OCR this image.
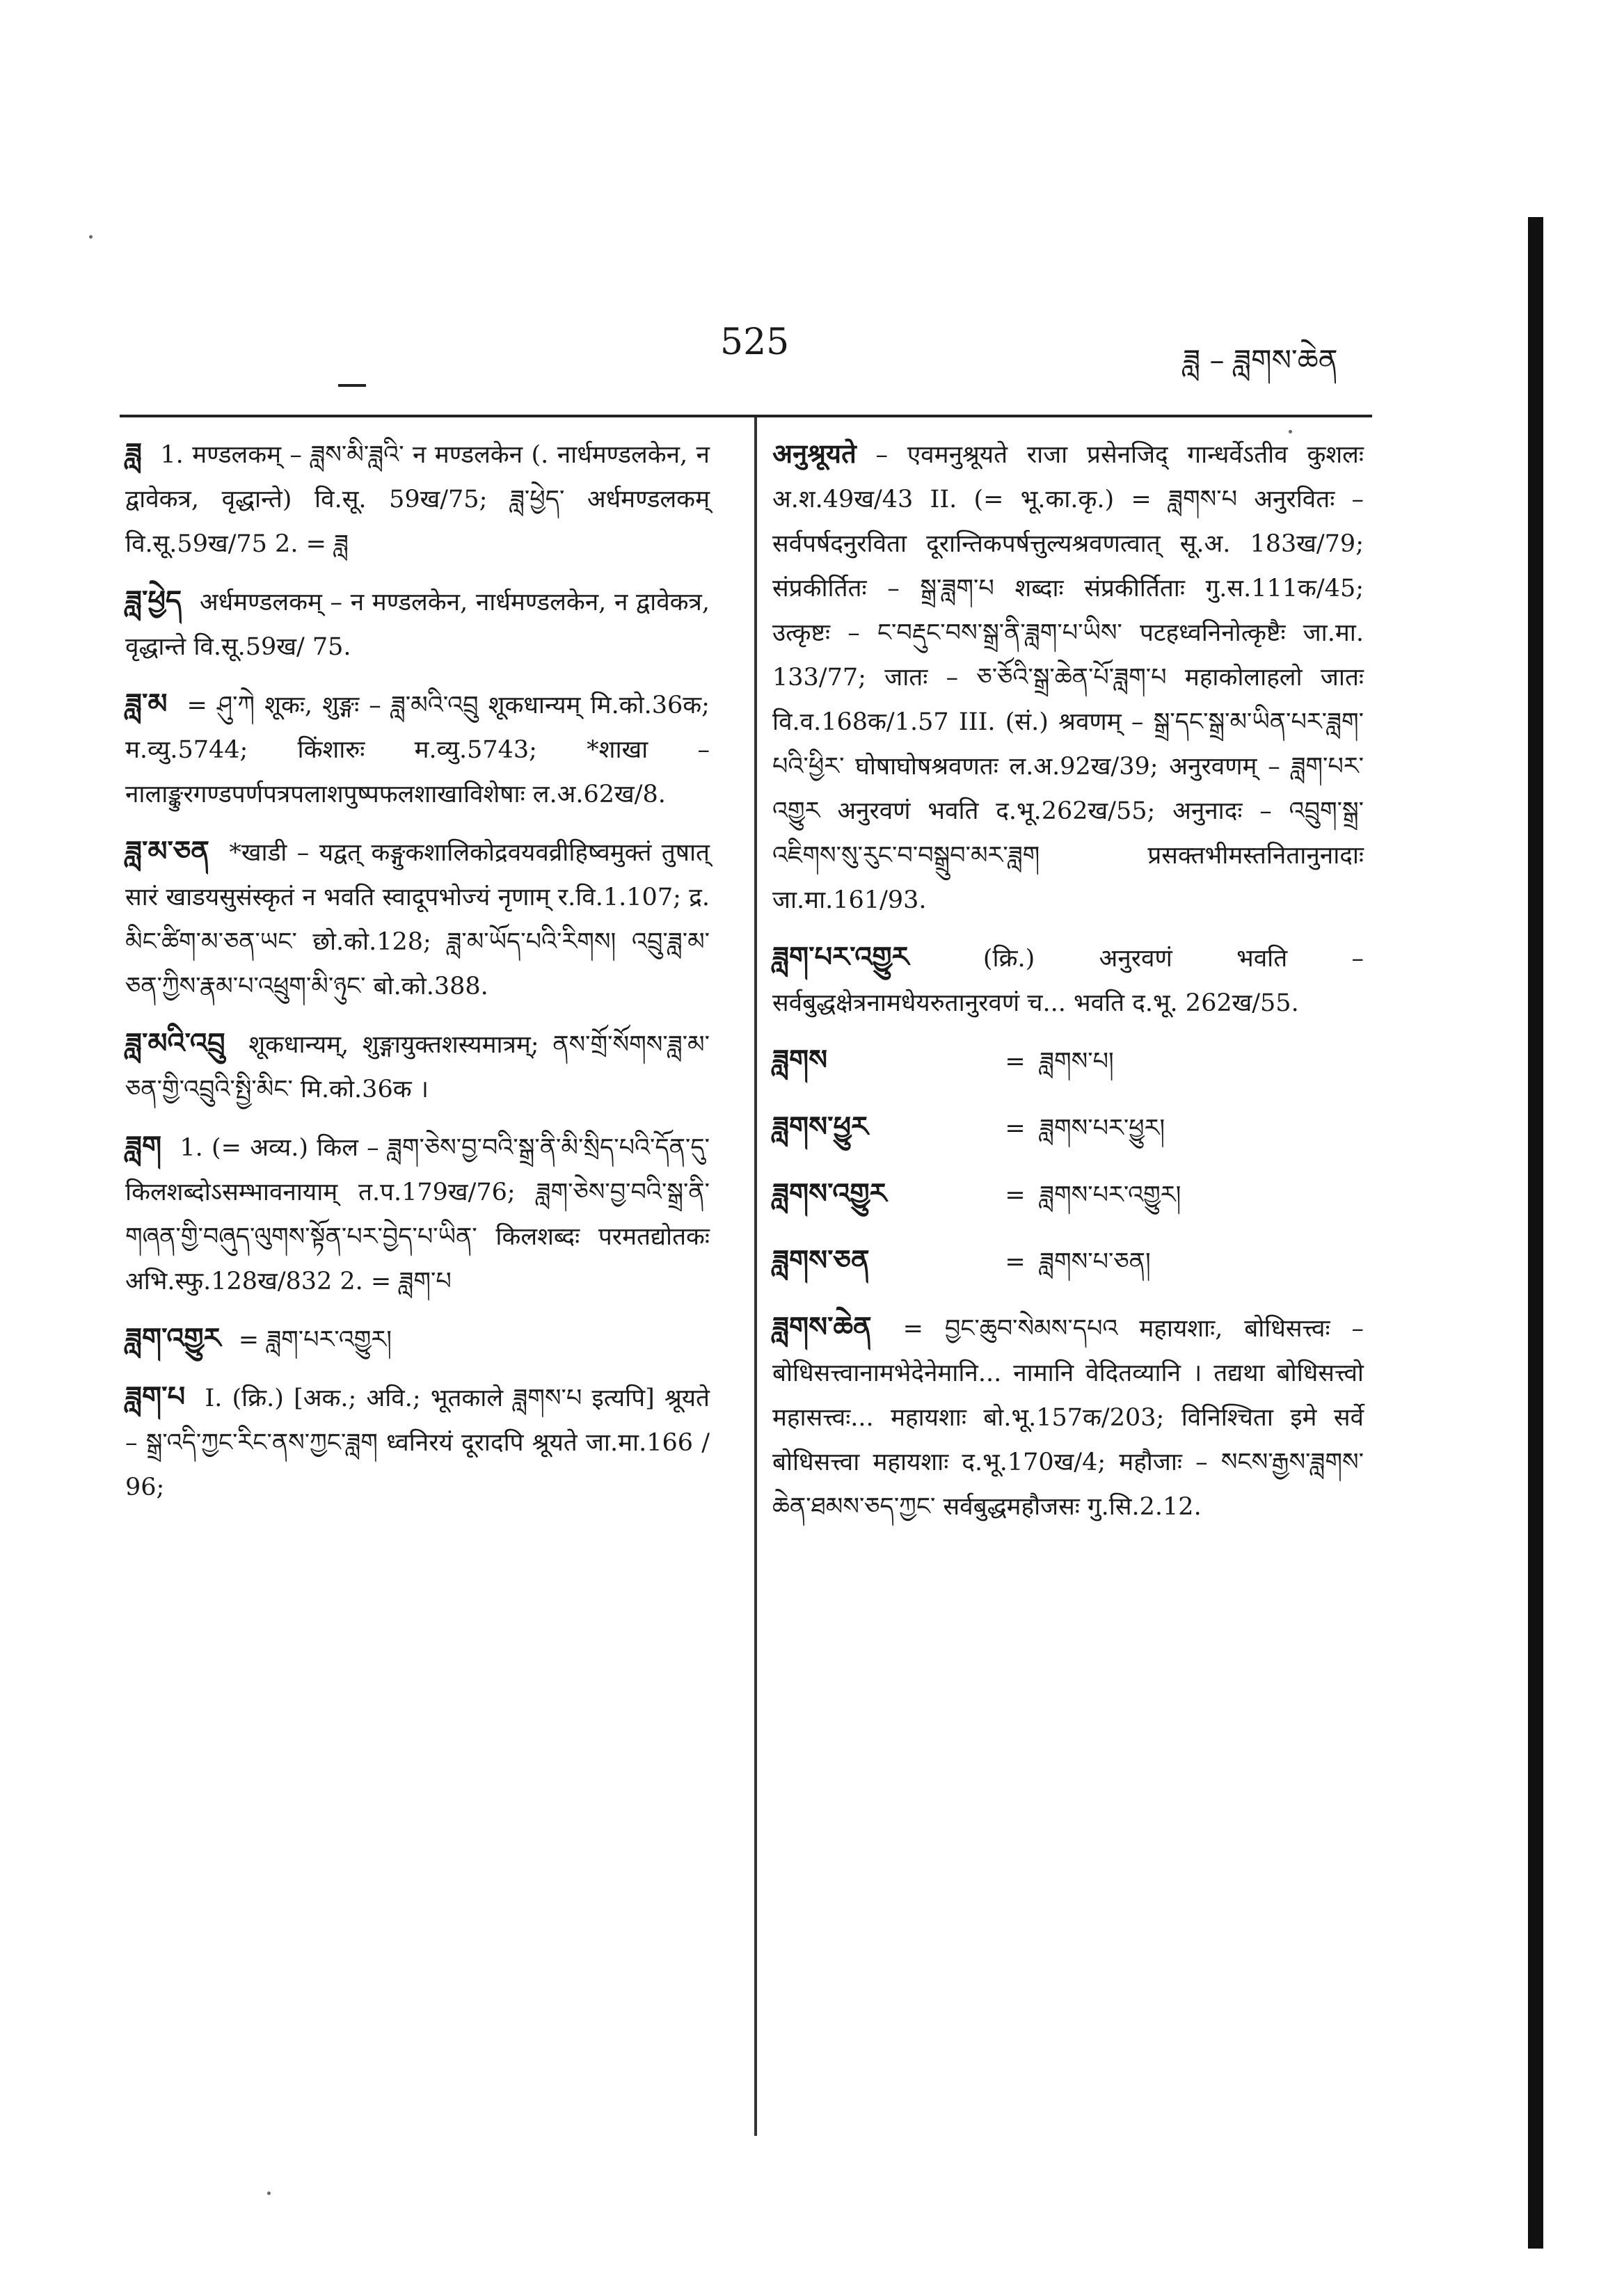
525	ཟླ – ཟླགས་ཆེན
ཟླ 1. मण्डलकम् – ཟླས་མི་ཟླའི་ न मण्डलकेन (. नार्धमण्डलकेन, न द्वावेकत्र, वृद्धान्ते) वि.सू. 59ख/75; ཟླ་ཕྱེད་ अर्धमण्डलकम् वि.सू.59ख/75 2. = ཟླ
ཟླ་ཕྱེད अर्धमण्डलकम् – न मण्डलकेन, नार्धमण्डलकेन, न द्वावेकत्र, वृद्धान्ते वि.सू.59ख/ 75.
ཟླ་མ = ཤུ་ཀེ शूकः, शुङ्गः – ཟླ་མའི་འབྲུ शूकधान्यम् मि.को.36क; म.व्यु.5744; किंशारुः म.व्यु.5743; *शाखा – नालाङ्कुरगण्डपर्णपत्रपलाशपुष्पफलशाखाविशेषाः ल.अ.62ख/8.
ཟླ་མ་ཅན *खाडी – यद्वत् कङ्गुकशालिकोद्रवयवव्रीहिष्वमुक्तं तुषात् सारं खाडयसुसंस्कृतं न भवति स्वादूपभोज्यं नृणाम् र.वि.1.107; द्र. མིང་ཚིག་མ་ཅན་ཡང་ छो.को.128; ཟླ་མ་ཡོད་པའི་རིགས། འབྲུ་ཟླ་མ་ཅན་ཀྱིས་རྣམ་པ་འཕྲུག་མི་ཉུང་ बो.को.388.
ཟླ་མའི་འབྲུ शूकधान्यम्, शुङ्गायुक्तशस्यमात्रम्; ནས་གྲོ་སོགས་ཟླ་མ་ཅན་གྱི་འབྲུའི་སྤྱི་མིང་ मि.को.36क ।
ཟླག 1. (= अव्य.) किल – ཟླག་ཅེས་བྱ་བའི་སྒྲ་ནི་མི་སྲིད་པའི་དོན་དུ་ किलशब्दोऽसम्भावनायाम् त.प.179ख/76; ཟླག་ཅེས་བྱ་བའི་སྒྲ་ནི་གཞན་གྱི་བཞུད་ལུགས་སྟོན་པར་བྱེད་པ་ཡིན་ किलशब्दः परमतद्योतकः अभि.स्फु.128ख/832 2. = ཟླག་པ
ཟླག་འགྱུར = ཟླག་པར་འགྱུར།
ཟླག་པ I. (क्रि.) [अक.; अवि.; भूतकाले ཟླགས་པ इत्यपि] श्रूयते – སྒྲ་འདི་ཀྱང་རིང་ནས་ཀྱང་ཟླག ध्वनिरयं दूरादपि श्रूयते जा.मा.166 / 96;
अनुश्रूयते – एवमनुश्रूयते राजा प्रसेनजिद् गान्धर्वेऽतीव कुशलः अ.श.49ख/43 II. (= भू.का.कृ.) = ཟླགས་པ अनुरवितः – सर्वपर्षदनुरविता दूरान्तिकपर्षत्तुल्यश्रवणत्वात् सू.अ. 183ख/79; संप्रकीर्तितः – སྒྲ་ཟླག་པ शब्दाः संप्रकीर्तिताः गु.स.111क/45; उत्कृष्टः – ང་བརྡུང་བས་སྒྲ་ནི་ཟླག་པ་ཡིས་ पटहध्वनिनोत्कृष्टैः जा.मा. 133/77; जातः – ཅ་ཅོའི་སྒྲ་ཆེན་པོ་ཟླག་པ महाकोलाहलो जातः वि.व.168क/1.57 III. (सं.) श्रवणम् – སྒྲ་དང་སྒྲ་མ་ཡིན་པར་ཟླག་པའི་ཕྱིར་ घोषाघोषश्रवणतः ल.अ.92ख/39; अनुरवणम् – ཟླག་པར་འགྱུར अनुरवणं भवति द.भू.262ख/55; अनुनादः – འབྲུག་སྒྲ་འཇིགས་སུ་རུང་བ་བསྒྲུབ་མར་ཟླག प्रसक्तभीमस्तनितानुनादाः जा.मा.161/93.
ཟླག་པར་འགྱུར	(क्रि.) अनुरवणं भवति – सर्वबुद्धक्षेत्रनामधेयरुतानुरवणं च... भवति द.भू. 262ख/55.
ཟླགས	= ཟླགས་པ།
ཟླགས་ཕྱུར	= ཟླགས་པར་ཕྱུར།
ཟླགས་འགྱུར	= ཟླགས་པར་འགྱུར།
ཟླགས་ཅན	= ཟླགས་པ་ཅན།
ཟླགས་ཆེན = བྱང་ཆུབ་སེམས་དཔའ महायशाः, बोधिसत्त्वः – बोधिसत्त्वानामभेदेनेमानि... नामानि वेदितव्यानि । तद्यथा बोधिसत्त्वो महासत्त्वः... महायशाः बो.भू.157क/203; विनिश्चिता इमे सर्वे बोधिसत्त्वा महायशाः द.भू.170ख/4; महौजाः – སངས་རྒྱས་ཟླགས་ཆེན་ཐམས་ཅད་ཀྱང་ सर्वबुद्धमहौजसः गु.सि.2.12.
